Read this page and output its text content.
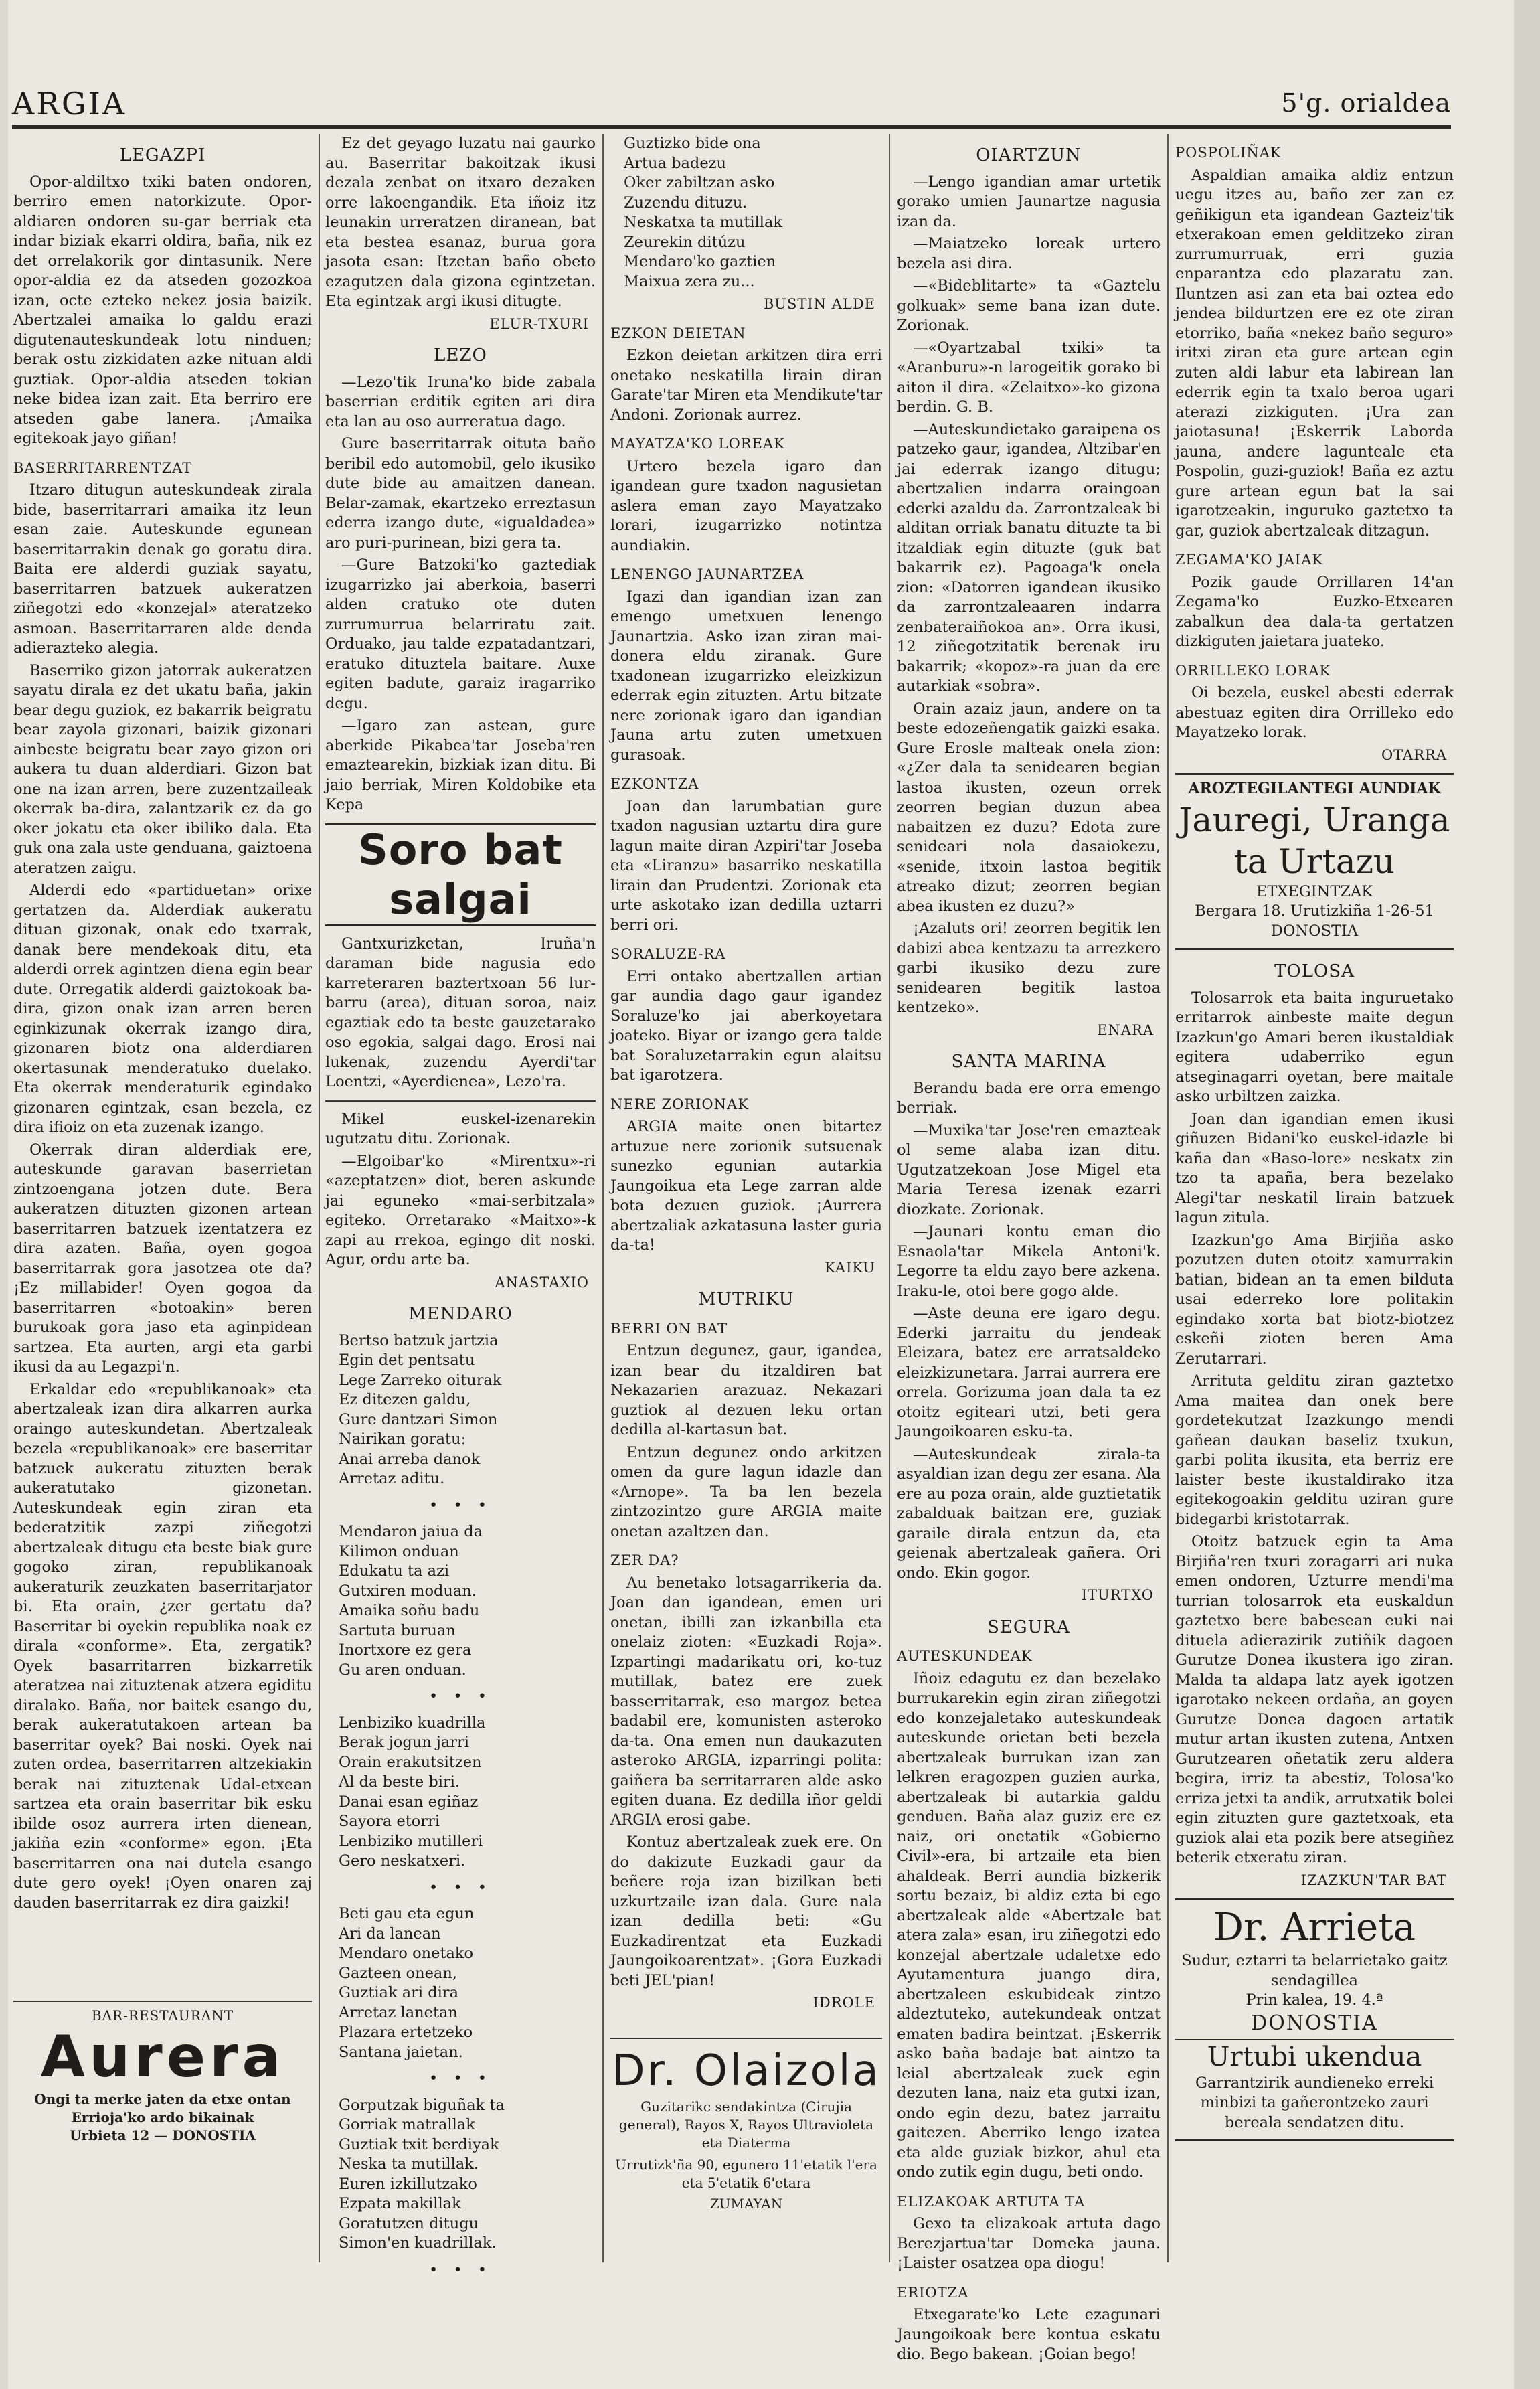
ARGIA	5'g. orialdea
LEGAZPI

Opor-aldiltxo txiki baten ondoren, berriro emen natorkizute. Opor-aldiaren ondoren su-gar berriak eta indar biziak ekarri oldira, baña, nik ez det orrelakorik gor dintasunik. Nere opor-aldia ez da atseden gozozkoa izan, octe ezteko nekez josia baizik. Abertzalei amaika lo galdu erazi digutenauteskundeak lotu ninduen; berak ostu zizkidaten azke nituan aldi guztiak. Opor-aldia atseden tokian neke bidea izan zait. Eta berriro ere atseden gabe lanera. ¡Amaika egitekoak jayo giñan!

BASERRITARRENTZAT

Itzaro ditugun auteskundeak zirala bide, baserritarrari amaika itz leun esan zaie. Auteskunde egunean baserritarrakin denak go goratu dira. Baita ere alderdi guziak sayatu, baserritarren batzuek aukeratzen ziñegotzi edo «konzejal» ateratzeko asmoan. Baserritarraren alde denda adierazteko alegia.

Baserriko gizon jatorrak aukeratzen sayatu dirala ez det ukatu baña, jakin bear degu guziok, ez bakarrik beigratu bear zayola gizonari, baizik gizonari ainbeste beigratu bear zayo gizon ori aukera tu duan alderdiari. Gizon bat one na izan arren, bere zuzentzaileak okerrak ba-dira, zalantzarik ez da go oker jokatu eta oker ibiliko dala. Eta guk ona zala uste genduana, gaiztoena ateratzen zaigu.

Alderdi edo «partiduetan» orixe gertatzen da. Alderdiak aukeratu dituan gizonak, onak edo txarrak, danak bere mendekoak ditu, eta alderdi orrek agintzen diena egin bear dute. Orregatik alderdi gaiztokoak ba-dira, gizon onak izan arren beren eginkizunak okerrak izango dira, gizonaren biotz ona alderdiaren okertasunak menderatuko duelako. Eta okerrak menderaturik egindako gizonaren egintzak, esan bezela, ez dira ifioiz on eta zuzenak izango.

Okerrak diran alderdiak ere, auteskunde garavan baserrietan zintzoengana jotzen dute. Bera aukeratzen dituzten gizonen artean baserritarren batzuek izentatzera ez dira azaten. Baña, oyen gogoa baserritarrak gora jasotzea ote da? ¡Ez millabider! Oyen gogoa da baserritarren «botoakin» beren burukoak gora jaso eta aginpidean sartzea. Eta aurten, argi eta garbi ikusi da au Legazpi'n.

Erkaldar edo «republikanoak» eta abertzaleak izan dira alkarren aurka oraingo auteskundetan. Abertzaleak bezela «republikanoak» ere baserritar batzuek aukeratu zituzten berak aukeratutako gizonetan. Auteskundeak egin ziran eta bederatzitik zazpi ziñegotzi abertzaleak ditugu eta beste biak gure gogoko ziran, republikanoak aukeraturik zeuzkaten baserritarjator bi. Eta orain, ¿zer gertatu da? Baserritar bi oyekin republika noak ez dirala «conforme». Eta, zergatik? Oyek basarritarren bizkarretik ateratzea nai zituztenak atzera egiditu diralako. Baña, nor baitek esango du, berak aukeratutakoen artean ba baserritar oyek? Bai noski. Oyek nai zuten ordea, baserritarren altzekiakin berak nai zituztenak Udal-etxean sartzea eta orain baserritar bik esku ibilde osoz aurrera irten dienean, jakiña ezin «conforme» egon. ¡Eta baserritarren ona nai dutela esango dute gero oyek! ¡Oyen onaren zaj dauden baserritarrak ez dira gaizki!

BAR-RESTAURANT
Aurera
Ongi ta merke jaten da etxe ontan
Errioja'ko ardo bikainak
Urbieta 12 — DONOSTIA

Ez det geyago luzatu nai gaurko au. Baserritar bakoitzak ikusi dezala zenbat on itxaro dezaken orre lakoengandik. Eta iñoiz itz leunakin urreratzen diranean, bat eta bestea esanaz, burua gora jasota esan: Itzetan baño obeto ezagutzen dala gizona egintzetan. Eta egintzak argi ikusi ditugte.

ELUR-TXURI
LEZO

—Lezo'tik Iruna'ko bide zabala baserrian erditik egiten ari dira eta lan au oso aurreratua dago.

Gure baserritarrak oituta baño beribil edo automobil, gelo ikusiko dute bide au amaitzen danean. Belar-zamak, ekartzeko erreztasun ederra izango dute, «igualdadea» aro puri-purinean, bizi gera ta.

—Gure Batzoki'ko gaztediak izugarrizko jai aberkoia, baserri alden cratuko ote duten zurrumurrua belarriratu zait. Orduako, jau talde ezpatadantzari, eratuko dituztela baitare. Auxe egiten badute, garaiz iragarriko degu.

—Igaro zan astean, gure aberkide Pikabea'tar Joseba'ren emaztearekin, bizkiak izan ditu. Bi jaio berriak, Miren Koldobike eta Kepa

Soro bat salgai

Gantxurizketan, Iruña'n daraman bide nagusia edo karreteraren baztertxoan 56 lur-barru (area), dituan soroa, naiz egaztiak edo ta beste gauzetarako oso egokia, salgai dago. Erosi nai lukenak, zuzendu Ayerdi'tar Loentzi, «Ayerdienea», Lezo'ra.

Mikel euskel-izenarekin ugutzatu ditu. Zorionak.

—Elgoibar'ko «Mirentxu»-ri «azeptatzen» diot, beren askunde jai eguneko «mai-serbitzala» egiteko. Orretarako «Maitxo»-k zapi au rrekoa, egingo dit noski. Agur, ordu arte ba.

ANASTAXIO
MENDARO
Bertso batzuk jartzia
Egin det pentsatu
Lege Zarreko oiturak
Ez ditezen galdu,
Gure dantzari Simon
Nairikan goratu:
Anai arreba danok
Arretaz aditu.
• • •
Mendaron jaiua da
Kilimon onduan
Edukatu ta azi
Gutxiren moduan.
Amaika soñu badu
Sartuta buruan
Inortxore ez gera
Gu aren onduan.
• • •
Lenbiziko kuadrilla
Berak jogun jarri
Orain erakutsitzen
Al da beste biri.
Danai esan egiñaz
Sayora etorri
Lenbiziko mutilleri
Gero neskatxeri.
• • •
Beti gau eta egun
Ari da lanean
Mendaro onetako
Gazteen onean,
Guztiak ari dira
Arretaz lanetan
Plazara ertetzeko
Santana jaietan.
• • •
Gorputzak biguñak ta
Gorriak matrallak
Guztiak txit berdiyak
Neska ta mutillak.
Euren izkillutzako
Ezpata makillak
Goratutzen ditugu
Simon'en kuadrillak.
• • •
Guztizko bide ona
Artua badezu
Oker zabiltzan asko
Zuzendu dituzu.
Neskatxa ta mutillak
Zeurekin ditúzu
Mendaro'ko gaztien
Maixua zera zu...
BUSTIN ALDE
EZKON DEIETAN

Ezkon deietan arkitzen dira erri onetako neskatilla lirain diran Garate'tar Miren eta Mendikute'tar Andoni. Zorionak aurrez.

MAYATZA'KO LOREAK

Urtero bezela igaro dan igandean gure txadon nagusietan aslera eman zayo Mayatzako lorari, izugarrizko notintza aundiakin.

LENENGO JAUNARTZEA

Igazi dan igandian izan zan emengo umetxuen lenengo Jaunartzia. Asko izan ziran mai-donera eldu ziranak. Gure txadonean izugarrizko eleizkizun ederrak egin zituzten. Artu bitzate nere zorionak igaro dan igandian Jauna artu zuten umetxuen gurasoak.

EZKONTZA

Joan dan larumbatian gure txadon nagusian uztartu dira gure lagun maite diran Azpiri'tar Joseba eta «Liranzu» basarriko neskatilla lirain dan Prudentzi. Zorionak eta urte askotako izan dedilla uztarri berri ori.

SORALUZE-RA

Erri ontako abertzallen artian gar aundia dago gaur igandez Soraluze'ko jai aberkoyetara joateko. Biyar or izango gera talde bat Soraluzetarrakin egun alaitsu bat igarotzera.

NERE ZORIONAK

ARGIA maite onen bitartez artuzue nere zorionik sutsuenak sunezko egunian autarkia Jaungoikua eta Lege zarran alde bota dezuen guziok. ¡Aurrera abertzaliak azkatasuna laster guria da-ta!

KAIKU
MUTRIKU
BERRI ON BAT

Entzun degunez, gaur, igandea, izan bear du itzaldiren bat Nekazarien arazuaz. Nekazari guztiok al dezuen leku ortan dedilla al-kartasun bat.

Entzun degunez ondo arkitzen omen da gure lagun idazle dan «Arnope». Ta ba len bezela zintzozintzo gure ARGIA maite onetan azaltzen dan.

ZER DA?

Au benetako lotsagarrikeria da. Joan dan igandean, emen uri onetan, ibilli zan izkanbilla eta onelaiz zioten: «Euzkadi Roja». Izpartingi madarikatu ori, ko-tuz mutillak, batez ere zuek basserritarrak, eso margoz betea badabil ere, komunisten asteroko da-ta. Ona emen nun daukazuten asteroko ARGIA, izparringi polita: gaiñera ba serritarraren alde asko egiten duana. Ez dedilla iñor geldi ARGIA erosi gabe.

Kontuz abertzaleak zuek ere. On do dakizute Euzkadi gaur da beñere roja izan bizilkan beti uzkurtzaile izan dala. Gure nala izan dedilla beti: «Gu Euzkadirentzat eta Euzkadi Jaungoikoarentzat». ¡Gora Euzkadi beti JEL'pian!

IDROLE
Dr. Olaizola
Guzitarikc sendakintza (Cirujia general), Rayos X, Rayos Ultravioleta eta Diaterma
Urrutizk'ña 90, egunero 11'etatik l'era eta 5'etatik 6'etara
ZUMAYAN
OIARTZUN

—Lengo igandian amar urtetik gorako umien Jaunartze nagusia izan da.

—Maiatzeko loreak urtero bezela asi dira.

—«Bideblitarte» ta «Gaztelu golkuak» seme bana izan dute. Zorionak.

—«Oyartzabal txiki» ta «Aranburu»-n larogeitik gorako bi aiton il dira. «Zelaitxo»-ko gizona berdin. G. B.

—Auteskundietako garaipena os patzeko gaur, igandea, Altzibar'en jai ederrak izango ditugu; abertzalien indarra oraingoan ederki azaldu da. Zarrontzaleak bi alditan orriak banatu dituzte ta bi itzaldiak egin dituzte (guk bat bakarrik ez). Pagoaga'k onela zion: «Datorren igandean ikusiko da zarrontzaleaaren indarra zenbateraiñokoa an». Orra ikusi, 12 ziñegotzitatik berenak iru bakarrik; «kopoz»-ra juan da ere autarkiak «sobra».

Orain azaiz jaun, andere on ta beste edozeñengatik gaizki esaka. Gure Erosle malteak onela zion: «¿Zer dala ta senidearen begian lastoa ikusten, ozeun orrek zeorren begian duzun abea nabaitzen ez duzu? Edota zure senideari nola dasaiokezu, «senide, itxoin lastoa begitik atreako dizut; zeorren begian abea ikusten ez duzu?»

¡Azaluts ori! zeorren begitik len dabizi abea kentzazu ta arrezkero garbi ikusiko dezu zure senidearen begitik lastoa kentzeko».

ENARA
SANTA MARINA

Berandu bada ere orra emengo berriak.

—Muxika'tar Jose'ren emazteak ol seme alaba izan ditu. Ugutzatzekoan Jose Migel eta Maria Teresa izenak ezarri diozkate. Zorionak.

—Jaunari kontu eman dio Esnaola'tar Mikela Antoni'k. Legorre ta eldu zayo bere azkena. Iraku-le, otoi bere gogo alde.

—Aste deuna ere igaro degu. Ederki jarraitu du jendeak Eleizara, batez ere arratsaldeko eleizkizunetara. Jarrai aurrera ere orrela. Gorizuma joan dala ta ez otoitz egiteari utzi, beti gera Jaungoikoaren esku-ta.

—Auteskundeak zirala-ta asyaldian izan degu zer esana. Ala ere au poza orain, alde guztietatik zabalduak baitzan ere, guziak garaile dirala entzun da, eta geienak abertzaleak gañera. Ori ondo. Ekin gogor.

ITURTXO
SEGURA
AUTESKUNDEAK

Iñoiz edagutu ez dan bezelako burrukarekin egin ziran ziñegotzi edo konzejaletako auteskundeak auteskunde orietan beti bezela abertzaleak burrukan izan zan lelkren eragozpen guzien aurka, abertzaleak bi autarkia galdu genduen. Baña alaz guziz ere ez naiz, ori onetatik «Gobierno Civil»-era, bi artzaile eta bien ahaldeak. Berri aundia bizkerik sortu bezaiz, bi aldiz ezta bi ego abertzaleak alde «Abertzale bat atera zala» esan, iru ziñegotzi edo konzejal abertzale udaletxe edo Ayutamentura juango dira, abertzaleen eskubideak zintzo aldeztuteko, autekundeak ontzat ematen badira beintzat. ¡Eskerrik asko baña badaje bat aintzo ta leial abertzaleak zuek egin dezuten lana, naiz eta gutxi izan, ondo egin dezu, batez jarraitu gaitezen. Aberriko lengo izatea eta alde guziak bizkor, ahul eta ondo zutik egin dugu, beti ondo.

ELIZAKOAK ARTUTA TA

Gexo ta elizakoak artuta dago Berezjartua'tar Domeka jauna. ¡Laister osatzea opa diogu!

ERIOTZA

Etxegarate'ko Lete ezagunari Jaungoikoak bere kontua eskatu dio. Bego bakean. ¡Goian bego!

POSPOLIÑAK

Aspaldian amaika aldiz entzun uegu itzes au, baño zer zan ez geñikigun eta igandean Gazteiz'tik etxerakoan emen gelditzeko ziran zurrumurruak, erri guzia enparantza edo plazaratu zan. Iluntzen asi zan eta bai oztea edo jendea bildurtzen ere ez ote ziran etorriko, baña «nekez baño seguro» iritxi ziran eta gure artean egin zuten aldi labur eta labirean lan ederrik egin ta txalo beroa ugari aterazi zizkiguten. ¡Ura zan jaiotasuna! ¡Eskerrik Laborda jauna, andere lagunteale eta Pospolin, guzi-guziok! Baña ez aztu gure artean egun bat la sai igarotzeakin, inguruko gaztetxo ta gar, guziok abertzaleak ditzagun.

ZEGAMA'KO JAIAK

Pozik gaude Orrillaren 14'an Zegama'ko Euzko-Etxearen zabalkun dea dala-ta gertatzen dizkiguten jaietara juateko.

ORRILLEKO LORAK

Oi bezela, euskel abesti ederrak abestuaz egiten dira Orrilleko edo Mayatzeko lorak.

OTARRA
AROZTEGILANTEGI AUNDIAK
Jauregi, Uranga
ta Urtazu
ETXEGINTZAK
Bergara 18. Urutizkiña 1-26-51
DONOSTIA
TOLOSA

Tolosarrok eta baita inguruetako erritarrok ainbeste maite degun Izazkun'go Amari beren ikustaldiak egitera udaberriko egun atseginagarri oyetan, bere maitale asko urbiltzen zaizka.

Joan dan igandian emen ikusi giñuzen Bidani'ko euskel-idazle bi kaña dan «Baso-lore» neskatx zin tzo ta apaña, bera bezelako Alegi'tar neskatil lirain batzuek lagun zitula.

Izazkun'go Ama Birjiña asko pozutzen duten otoitz xamurrakin batian, bidean an ta emen bilduta usai ederreko lore politakin egindako xorta bat biotz-biotzez eskeñi zioten beren Ama Zerutarrari.

Arrituta gelditu ziran gaztetxo Ama maitea dan onek bere gordetekutzat Izazkungo mendi gañean daukan baseliz txukun, garbi polita ikusita, eta berriz ere laister beste ikustaldirako itza egitekogoakin gelditu uziran gure bidegarbi kristotarrak.

Otoitz batzuek egin ta Ama Birjiña'ren txuri zoragarri ari nuka emen ondoren, Uzturre mendi'ma turrian tolosarrok eta euskaldun gaztetxo bere babesean euki nai dituela adierazirik zutiñik dagoen Gurutze Donea ikustera igo ziran. Malda ta aldapa latz ayek igotzen igarotako nekeen ordaña, an goyen Gurutze Donea dagoen artatik mutur artan ikusten zutena, Antxen Gurutzearen oñetatik zeru aldera begira, irriz ta abestiz, Tolosa'ko erriza jetxi ta andik, arrutxatik bolei egin zituzten gure gaztetxoak, eta guziok alai eta pozik bere atsegiñez beterik etxeratu ziran.

IZAZKUN'TAR BAT
Dr. Arrieta
Sudur, eztarri ta belarrietako gaitz sendagillea
Prin kalea, 19. 4.ª
DONOSTIA
Urtubi ukendua
Garrantzirik aundieneko erreki minbizi ta gañerontzeko zauri bereala sendatzen ditu.
